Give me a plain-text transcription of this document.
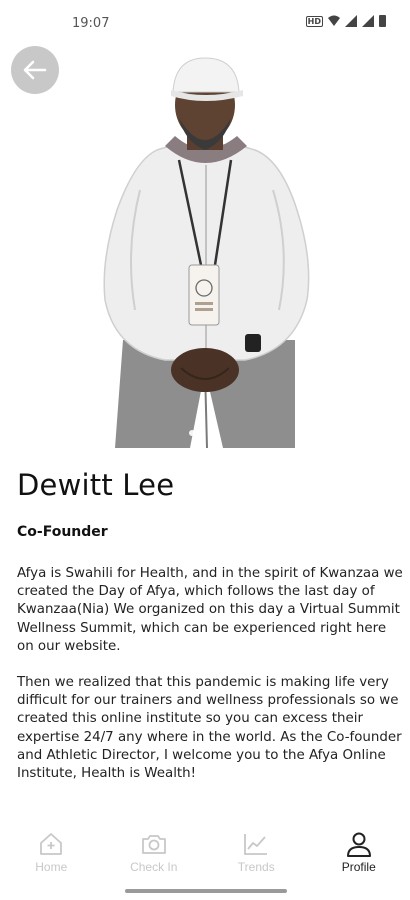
19:07	HD
Dewitt Lee
Co-Founder

Afya is Swahili for Health, and in the spirit of Kwanzaa we created the Day of Afya, which follows the last day of Kwanzaa(Nia) We organized on this day a Virtual Summit Wellness Summit, which can be experienced right here on our website.

Then we realized that this pandemic is making life very difficult for our trainers and wellness professionals so we created this online institute so you can excess their expertise 24/7 any where in the world. As the Co-founder and Athletic Director, I welcome you to the Afya Online Institute, Health is Wealth!

Home	Check In	Trends	Profile
